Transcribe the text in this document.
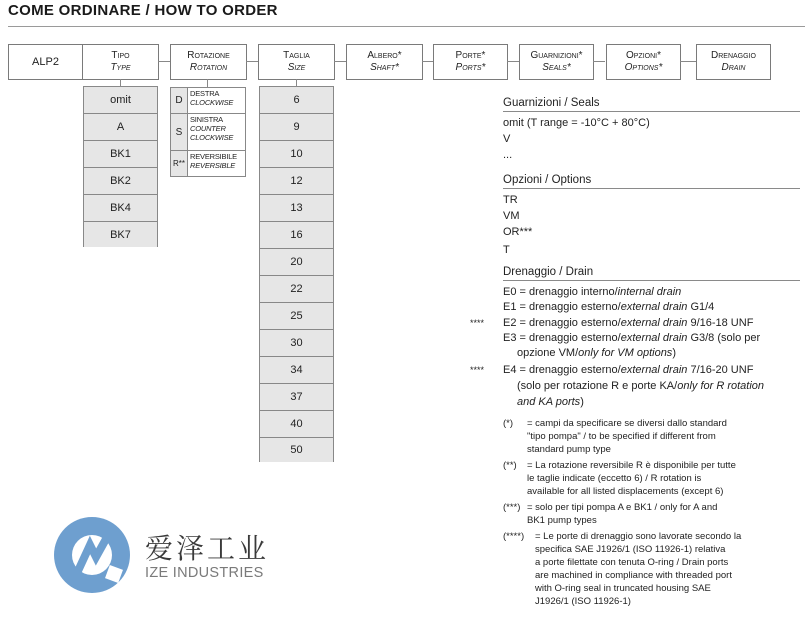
COME ORDINARE / HOW TO ORDER
ALP2
Tipo
Type
Rotazione
Rotation
Taglia
Size
Albero*
Shaft*
Porte*
Ports*
Guarnizioni*
Seals*
Opzioni*
Options*
Drenaggio
Drain
omit
A
BK1
BK2
BK4
BK7
D
DESTRA
CLOCKWISE
S
SINISTRA
COUNTER CLOCKWISE
R**
REVERSIBILE
REVERSIBLE
6
9
10
12
13
16
20
22
25
30
34
37
40
50
Guarnizioni / Seals
omit (T range = -10°C + 80°C)
V
...
Opzioni / Options
TR
VM
OR***
T
Drenaggio / Drain
E0 = drenaggio interno/internal drain
E1 = drenaggio esterno/external drain G1/4
**** E2 = drenaggio esterno/external drain 9/16-18 UNF
E3 = drenaggio esterno/external drain G3/8 (solo per
opzione VM/only for VM options)
**** E4 = drenaggio esterno/external drain 7/16-20 UNF
(solo per rotazione R e porte KA/only for R rotation
and KA ports)
(*) = campi da specificare se diversi dallo standard
"tipo pompa" / to be specified if different from
standard pump type
(**) = La rotazione reversibile R è disponibile per tutte
le taglie indicate (eccetto 6) / R rotation is
available for all listed displacements (except 6)
(***) = solo per tipi pompa A e BK1 / only for A and
BK1 pump types
(****) = Le porte di drenaggio sono lavorate secondo la
specifica SAE J1926/1 (ISO 11926-1) relativa
a porte filettate con tenuta O-ring / Drain ports
are machined in compliance with threaded port
with O-ring seal in truncated housing SAE
J1926/1 (ISO 11926-1)
爱泽工业
IZE INDUSTRIES
